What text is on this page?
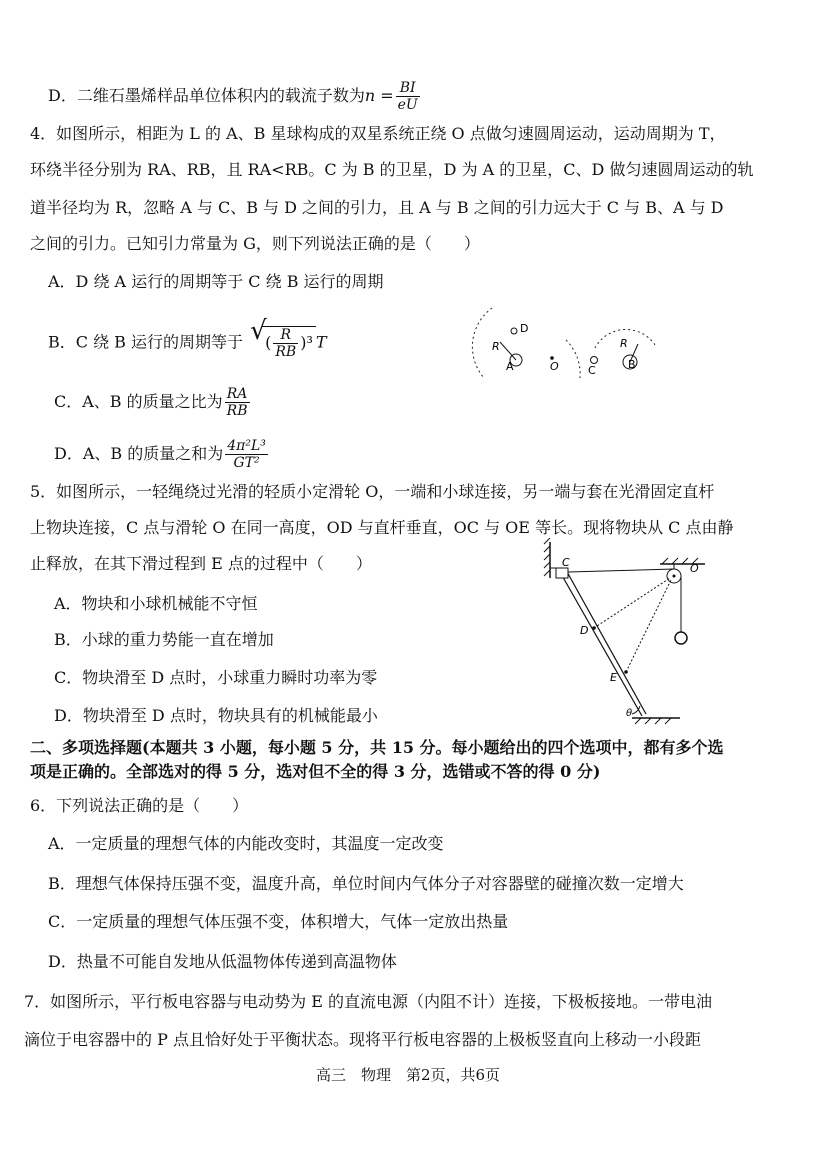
D．二维石墨烯样品单位体积内的载流子数为$n = \frac{BI}{eU}$
4．如图所示，相距为 L 的 A、B 星球构成的双星系统正绕 O 点做匀速圆周运动，运动周期为 T，
环绕半径分别为 RA、RB，且 RA<RB。C 为 B 的卫星，D 为 A 的卫星，C、D 做匀速圆周运动的轨
道半径均为 R，忽略 A 与 C、B 与 D 之间的引力，且 A 与 B 之间的引力远大于 C 与 B、A 与 D
之间的引力。已知引力常量为 G，则下列说法正确的是（　　）
A．D 绕 A 运行的周期等于 C 绕 B 运行的周期
B．C 绕 B 运行的周期等于 √ ( $\frac{R}{RB} )^3$ T
C．A、B 的质量之比为 $\frac{RA}{RB}$
D．A、B 的质量之和为 $\frac{\text{4π²L³}}{\text{GT²}}$
A
D
R
O	C	B
R
5．如图所示，一轻绳绕过光滑的轻质小定滑轮 O，一端和小球连接，另一端与套在光滑固定直杆
上物块连接，C 点与滑轮 O 在同一高度，OD 与直杆垂直，OC 与 OE 等长。现将物块从 C 点由静
止释放，在其下滑过程到 E 点的过程中（　　）
A．物块和小球机械能不守恒
B．小球的重力势能一直在增加
C．物块滑至 D 点时，小球重力瞬时功率为零
D．物块滑至 D 点时，物块具有的机械能最小
C	O
D
E
θ
二、多项选择题(本题共 3 小题，每小题 5 分，共 15 分。每小题给出的四个选项中，都有多个选
项是正确的。全部选对的得 5 分，选对但不全的得 3 分，选错或不答的得 0 分)
6．下列说法正确的是（　　）
A．一定质量的理想气体的内能改变时，其温度一定改变
B．理想气体保持压强不变，温度升高，单位时间内气体分子对容器壁的碰撞次数一定增大
C．一定质量的理想气体压强不变，体积增大，气体一定放出热量
D．热量不可能自发地从低温物体传递到高温物体
7．如图所示，平行板电容器与电动势为 E 的直流电源（内阻不计）连接，下极板接地。一带电油
滴位于电容器中的 P 点且恰好处于平衡状态。现将平行板电容器的上极板竖直向上移动一小段距
高三　物理　第2页，共6页
